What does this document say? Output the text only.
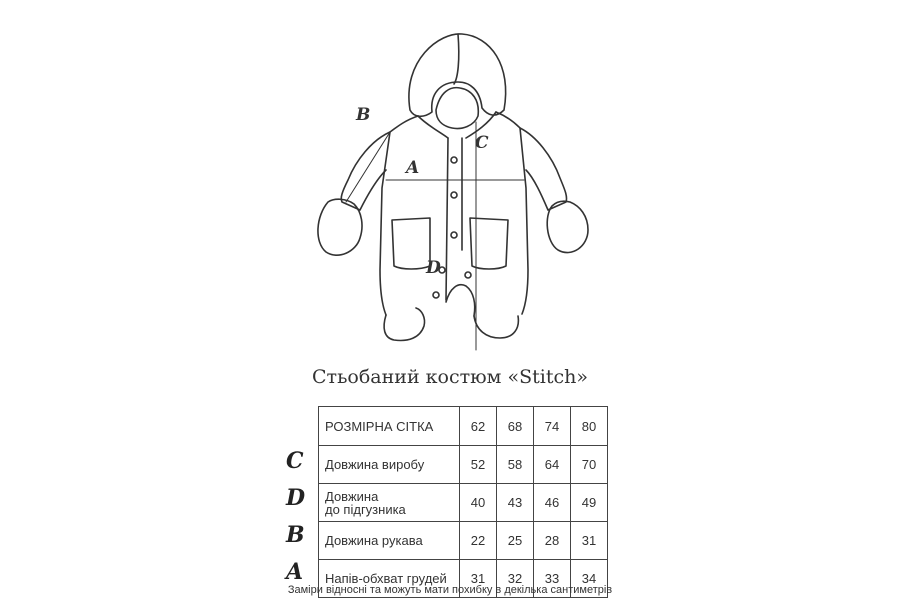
В
A
C
D
Стьобаний костюм «Stitch»
C
D
В
A
РОЗМІРНА СІТКА	62	68	74	80
Довжина виробу	52	58	64	70

Довжина
до підгузника	40	43	46	49
Довжина рукава	22	25	28	31
Напів-обхват грудей	31	32	33	34
Заміри відносні та можуть мати похибку в декілька сантиметрів
